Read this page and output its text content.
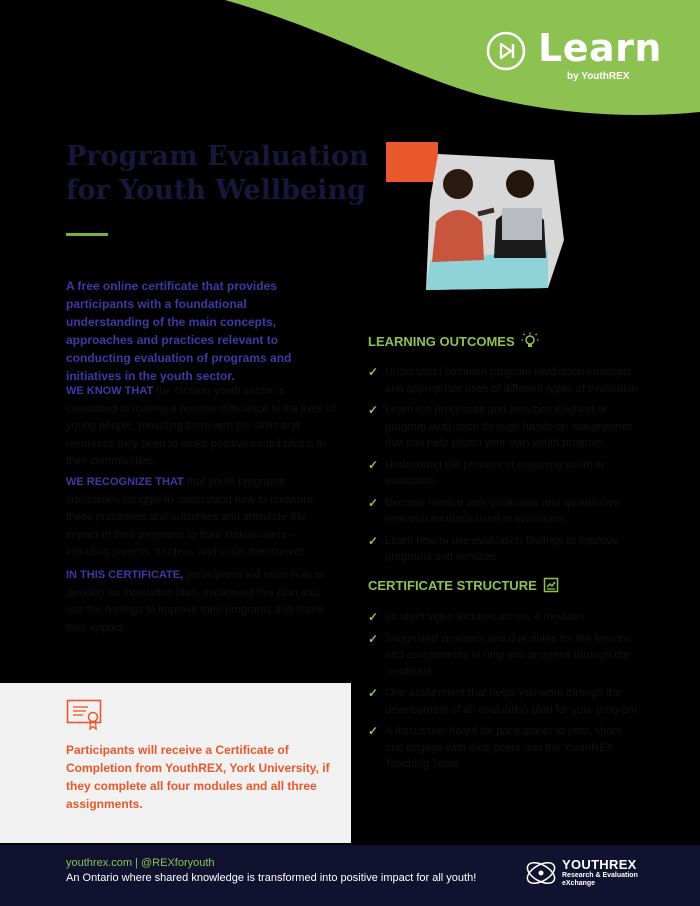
Learn
by YouthREX
Program Evaluation for Youth Wellbeing
A free online certificate that provides participants with a foundational understanding of the main concepts, approaches and practices relevant to conducting evaluation of programs and initiatives in the youth sector.
WE KNOW THAT the Ontario youth sector is committed to making a positive difference in the lives of young people, providing them with the skills and resources they need to make positive contributions to their communities.
WE RECOGNIZE THAT that youth programs sometimes struggle to understand how to measure these processes and outcomes and articulate the impact of their programs to their stakeholders – including parents, funders, and youth themselves.
IN THIS CERTIFICATE, participants will learn how to develop an evaluation plan, implement this plan and use the findings to improve their programs and share their impact.
LEARNING OUTCOMES
✓ Understand common program evaluation concepts and appropriate uses of different types of evaluation
✓ Learn the processes and activities involved in program evaluation through hands-on assignments that can help inform your own youth program
✓ Understand the process of engaging youth in evaluation
✓ Become familiar with qualitative and quantitative research methods used in evaluation
✓ Learn how to use evaluation findings to improve programs and services
CERTIFICATE STRUCTURE
✓ 28 short video lectures across 4 modules
✓ Suggested timelines and due dates for the lessons and assignments to help you progress through the certificate
✓ One assignment that helps you work through the development of an evaluation plan for your program
✓ A discussion board for participants to post, share and engage with their peers and the YouthREX Teaching Team
Participants will receive a Certificate of Completion from YouthREX, York University, if they complete all four modules and all three assignments.
youthrex.com | @REXforyouth
An Ontario where shared knowledge is transformed into positive impact for all youth!
YOUTHREX
Research & Evaluation eXchange
